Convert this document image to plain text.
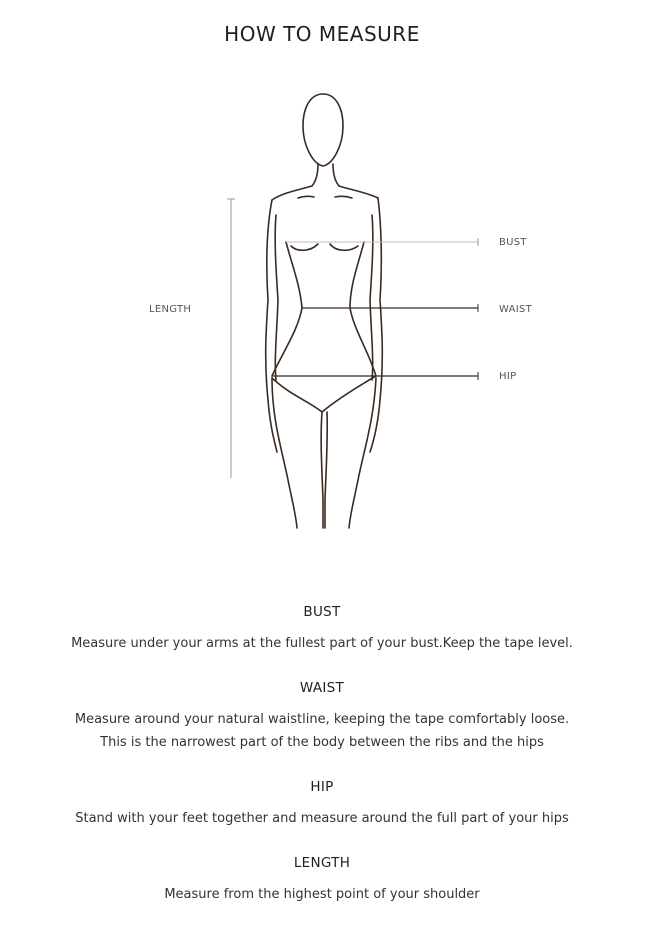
HOW TO MEASURE
LENGTH
BUST
WAIST
HIP

BUST

Measure under your arms at the fullest part of your bust.Keep the tape level.

WAIST

Measure around your natural waistline, keeping the tape comfortably loose.
This is the narrowest part of the body between the ribs and the hips

HIP

Stand with your feet together and measure around the full part of your hips

LENGTH

Measure from the highest point of your shoulder
